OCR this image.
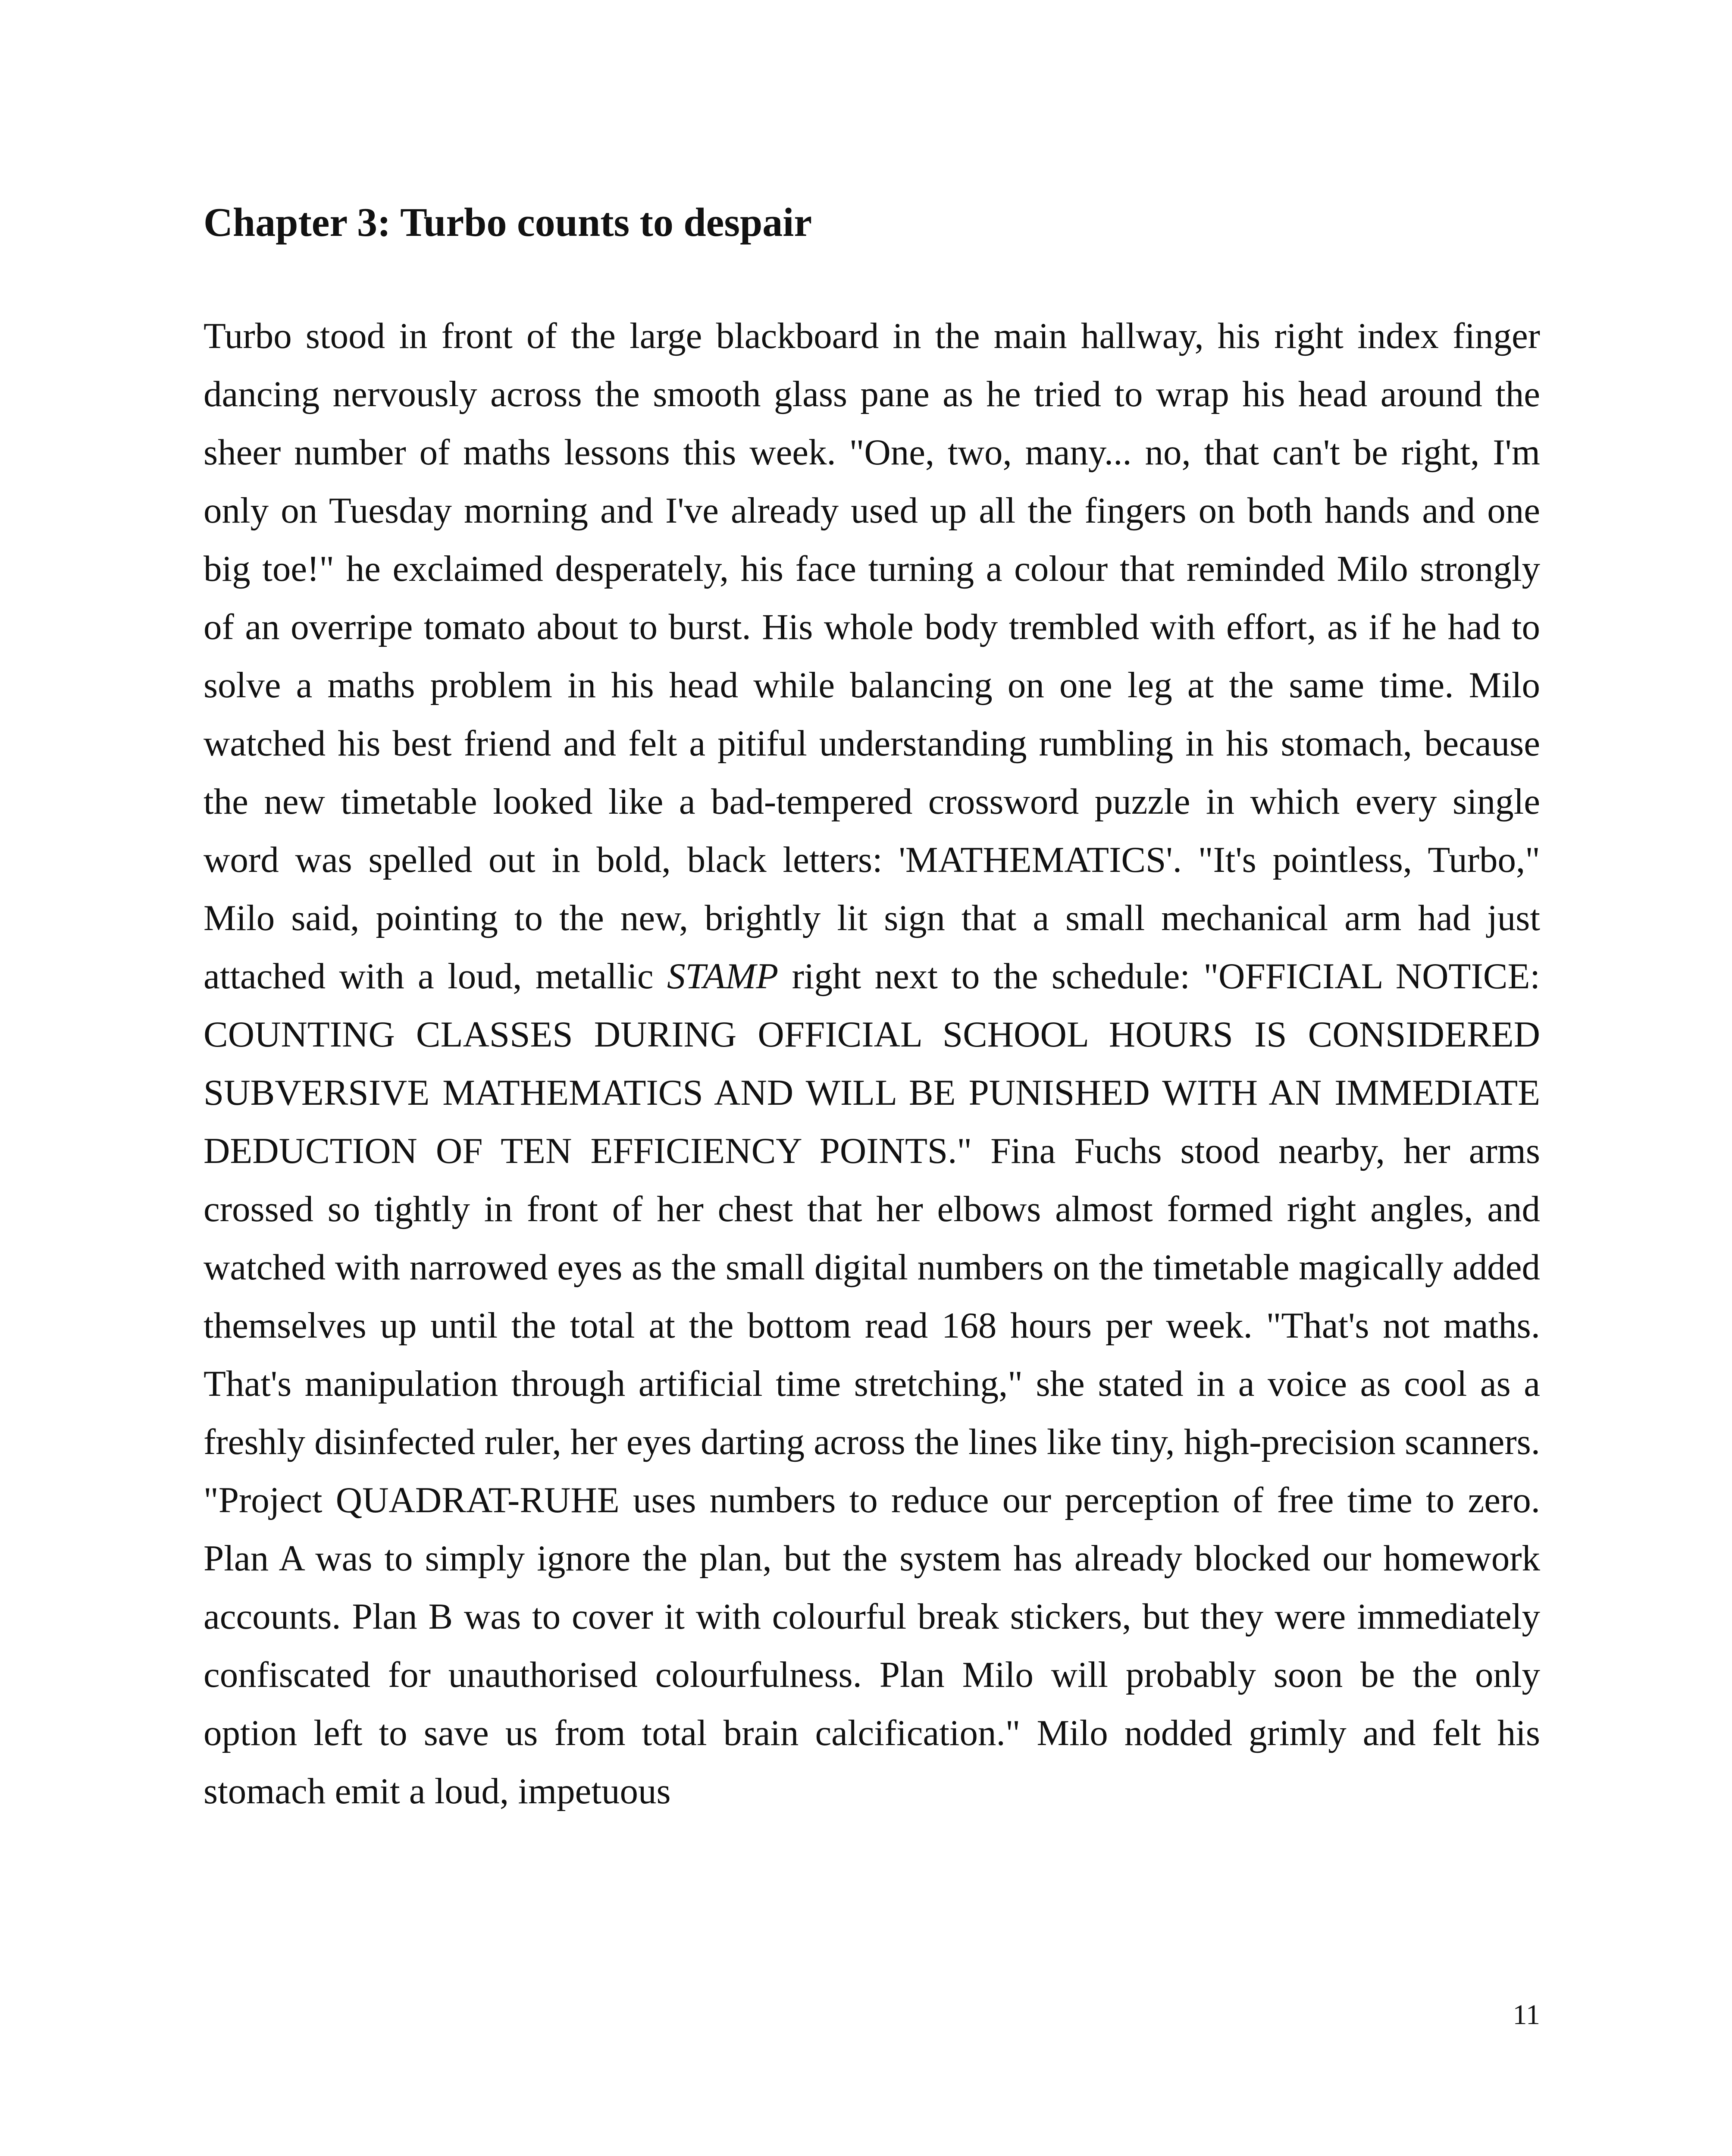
Chapter 3: Turbo counts to despair

Turbo stood in front of the large blackboard in the main hallway, his right index finger dancing nervously across the smooth glass pane as he tried to wrap his head around the sheer number of maths lessons this week. "One, two, many... no, that can't be right, I'm only on Tuesday morning and I've already used up all the fingers on both hands and one big toe!" he exclaimed desperately, his face turning a colour that reminded Milo strongly of an overripe tomato about to burst. His whole body trembled with effort, as if he had to solve a maths problem in his head while balancing on one leg at the same time. Milo watched his best friend and felt a pitiful understanding rumbling in his stomach, because the new timetable looked like a bad-tempered crossword puzzle in which every single word was spelled out in bold, black letters: 'MATHEMATICS'. "It's pointless, Turbo," Milo said, pointing to the new, brightly lit sign that a small mechanical arm had just attached with a loud, metallic STAMP right next to the schedule: "OFFICIAL NOTICE: COUNTING CLASSES DURING OFFICIAL SCHOOL HOURS IS CONSIDERED SUBVERSIVE MATHEMATICS AND WILL BE PUNISHED WITH AN IMMEDIATE DEDUCTION OF TEN EFFICIENCY POINTS." Fina Fuchs stood nearby, her arms crossed so tightly in front of her chest that her elbows almost formed right angles, and watched with narrowed eyes as the small digital numbers on the timetable magically added themselves up until the total at the bottom read 168 hours per week. "That's not maths. That's manipulation through artificial time stretching," she stated in a voice as cool as a freshly disinfected ruler, her eyes darting across the lines like tiny, high-precision scanners. "Project QUADRAT-RUHE uses numbers to reduce our perception of free time to zero. Plan A was to simply ignore the plan, but the system has already blocked our homework accounts. Plan B was to cover it with colourful break stickers, but they were immediately confiscated for unauthorised colourfulness. Plan Milo will probably soon be the only option left to save us from total brain calcification." Milo nodded grimly and felt his stomach emit a loud, impetuous

11
